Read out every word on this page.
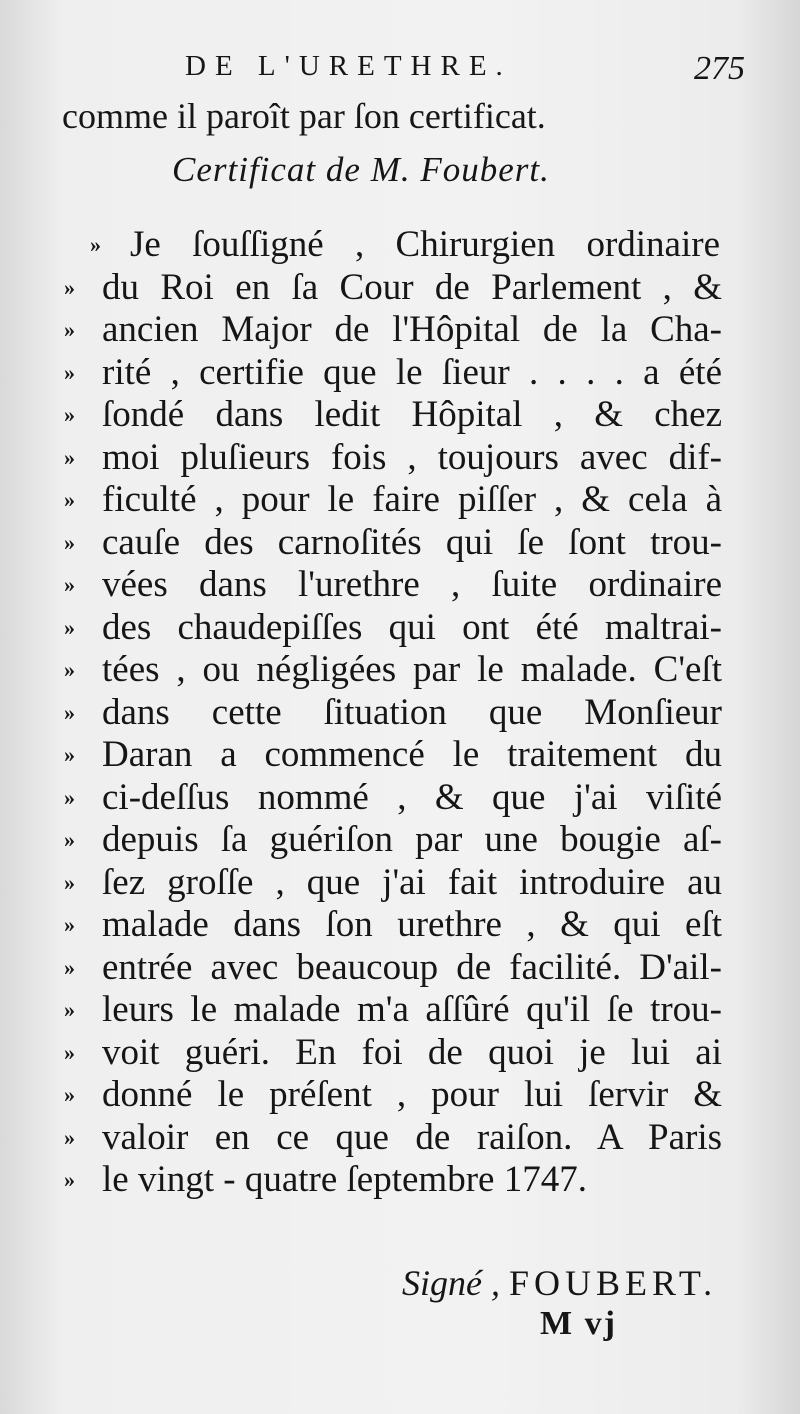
DE L'URETHRE.	275
comme il paroît par ſon certificat.
Certificat de M. Foubert.
» Je ſouſſigné , Chirurgien ordinaire
» du Roi en ſa Cour de Parlement , &
» ancien Major de l'Hôpital de la Cha-
» rité , certifie que le ſieur . . . . a été
» ſondé dans ledit Hôpital , & chez
» moi pluſieurs fois , toujours avec dif-
» ficulté , pour le faire piſſer , & cela à
» cauſe des carnoſités qui ſe ſont trou-
» vées dans l'urethre , ſuite ordinaire
» des chaudepiſſes qui ont été maltrai-
» tées , ou négligées par le malade. C'eſt
» dans cette ſituation que Monſieur
» Daran a commencé le traitement du
» ci-deſſus nommé , & que j'ai viſité
» depuis ſa guériſon par une bougie aſ-
» ſez groſſe , que j'ai fait introduire au
» malade dans ſon urethre , & qui eſt
» entrée avec beaucoup de facilité. D'ail-
» leurs le malade m'a aſſûré qu'il ſe trou-
» voit guéri. En foi de quoi je lui ai
» donné le préſent , pour lui ſervir &
» valoir en ce que de raiſon. A Paris
» le vingt - quatre ſeptembre 1747.
Signé , FOUBERT.
M vj
